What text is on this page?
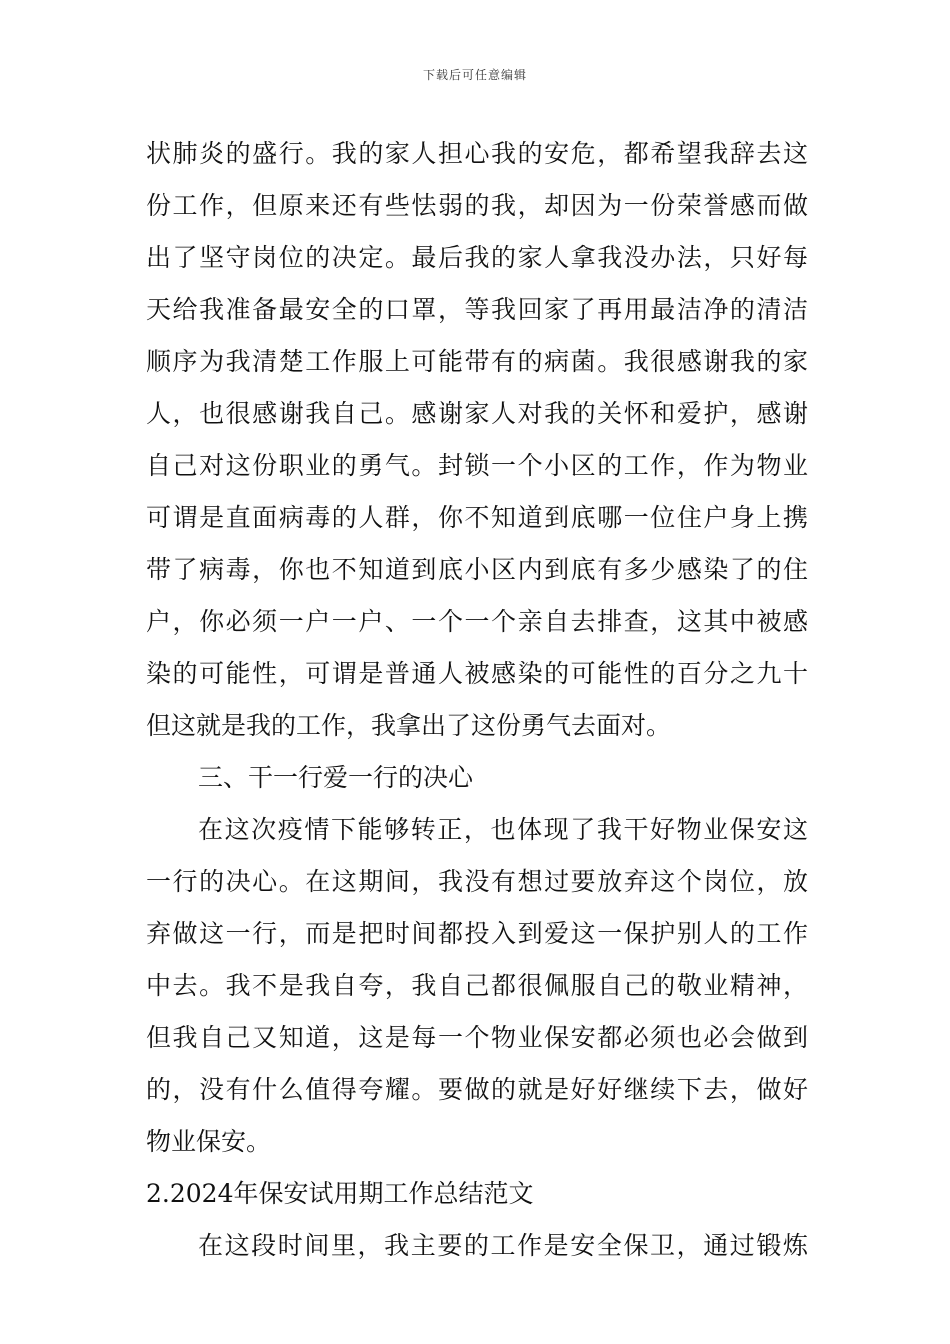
下载后可任意编辑
状肺炎的盛行。我的家人担心我的安危，都希望我辞去这
份工作，但原来还有些怯弱的我，却因为一份荣誉感而做
出了坚守岗位的决定。最后我的家人拿我没办法，只好每
天给我准备最安全的口罩，等我回家了再用最洁净的清洁
顺序为我清楚工作服上可能带有的病菌。我很感谢我的家
人，也很感谢我自己。感谢家人对我的关怀和爱护，感谢
自己对这份职业的勇气。封锁一个小区的工作，作为物业
可谓是直面病毒的人群，你不知道到底哪一位住户身上携
带了病毒，你也不知道到底小区内到底有多少感染了的住
户，你必须一户一户、一个一个亲自去排查，这其中被感
染的可能性，可谓是普通人被感染的可能性的百分之九十
但这就是我的工作，我拿出了这份勇气去面对。
三、干一行爱一行的决心
在这次疫情下能够转正，也体现了我干好物业保安这
一行的决心。在这期间，我没有想过要放弃这个岗位，放
弃做这一行，而是把时间都投入到爱这一保护别人的工作
中去。我不是我自夸，我自己都很佩服自己的敬业精神，
但我自己又知道，这是每一个物业保安都必须也必会做到
的，没有什么值得夸耀。要做的就是好好继续下去，做好
物业保安。
2.2024年保安试用期工作总结范文
在这段时间里，我主要的工作是安全保卫，通过锻炼
